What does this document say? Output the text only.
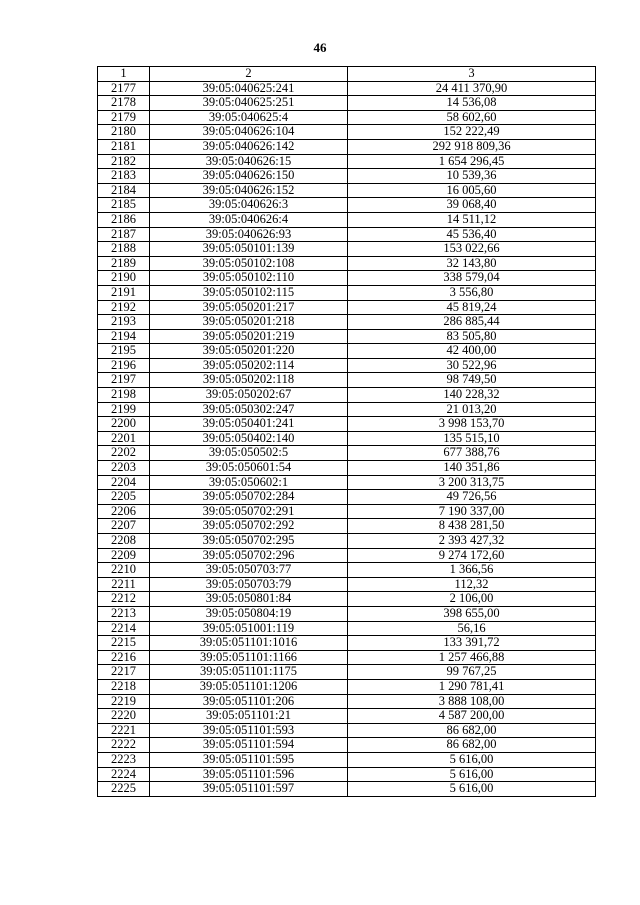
46
1	2	3
2177	39:05:040625:241	24 411 370,90
2178	39:05:040625:251	14 536,08
2179	39:05:040625:4	58 602,60
2180	39:05:040626:104	152 222,49
2181	39:05:040626:142	292 918 809,36
2182	39:05:040626:15	1 654 296,45
2183	39:05:040626:150	10 539,36
2184	39:05:040626:152	16 005,60
2185	39:05:040626:3	39 068,40
2186	39:05:040626:4	14 511,12
2187	39:05:040626:93	45 536,40
2188	39:05:050101:139	153 022,66
2189	39:05:050102:108	32 143,80
2190	39:05:050102:110	338 579,04
2191	39:05:050102:115	3 556,80
2192	39:05:050201:217	45 819,24
2193	39:05:050201:218	286 885,44
2194	39:05:050201:219	83 505,80
2195	39:05:050201:220	42 400,00
2196	39:05:050202:114	30 522,96
2197	39:05:050202:118	98 749,50
2198	39:05:050202:67	140 228,32
2199	39:05:050302:247	21 013,20
2200	39:05:050401:241	3 998 153,70
2201	39:05:050402:140	135 515,10
2202	39:05:050502:5	677 388,76
2203	39:05:050601:54	140 351,86
2204	39:05:050602:1	3 200 313,75
2205	39:05:050702:284	49 726,56
2206	39:05:050702:291	7 190 337,00
2207	39:05:050702:292	8 438 281,50
2208	39:05:050702:295	2 393 427,32
2209	39:05:050702:296	9 274 172,60
2210	39:05:050703:77	1 366,56
2211	39:05:050703:79	112,32
2212	39:05:050801:84	2 106,00
2213	39:05:050804:19	398 655,00
2214	39:05:051001:119	56,16
2215	39:05:051101:1016	133 391,72
2216	39:05:051101:1166	1 257 466,88
2217	39:05:051101:1175	99 767,25
2218	39:05:051101:1206	1 290 781,41
2219	39:05:051101:206	3 888 108,00
2220	39:05:051101:21	4 587 200,00
2221	39:05:051101:593	86 682,00
2222	39:05:051101:594	86 682,00
2223	39:05:051101:595	5 616,00
2224	39:05:051101:596	5 616,00
2225	39:05:051101:597	5 616,00
